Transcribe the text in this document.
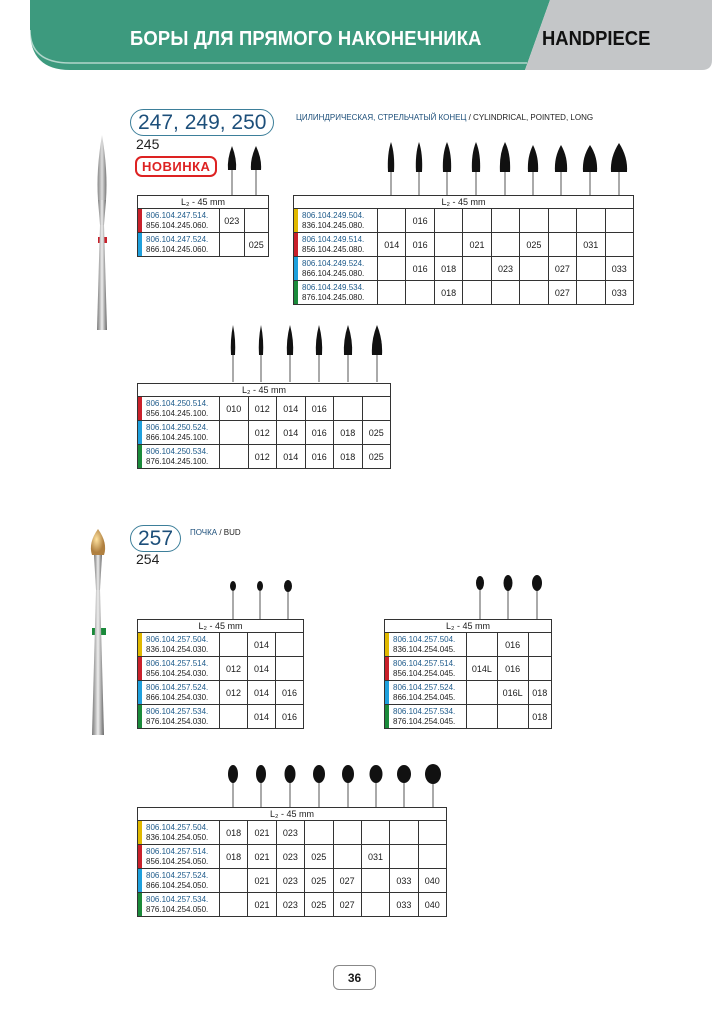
БОРЫ ДЛЯ ПРЯМОГО НАКОНЕЧНИКА	HANDPIECE
247, 249, 250
245
НОВИНКА
ЦИЛИНДРИЧЕСКАЯ, СТРЕЛЬЧАТЫЙ КОНЕЦ / CYLINDRICAL, POINTED, LONG
L₂ - 45 mm		

806.104.247.514.
856.104.245.060.	023	

806.104.247.524.
866.104.245.060.		025
L₂ - 45 mm									

806.104.249.504.
836.104.245.080.		016							

806.104.249.514.
856.104.245.080.	014	016		021		025		031	

806.104.249.524.
866.104.245.080.		016	018		023		027		033

806.104.249.534.
876.104.245.080.			018				027		033
L₂ - 45 mm						

806.104.250.514.
856.104.245.100.	010	012	014	016		

806.104.250.524.
866.104.245.100.		012	014	016	018	025

806.104.250.534.
876.104.245.100.		012	014	016	018	025
257
254
ПОЧКА / BUD
L₂ - 45 mm			

806.104.257.504.
836.104.254.030.		014	

806.104.257.514.
856.104.254.030.	012	014	

806.104.257.524.
866.104.254.030.	012	014	016

806.104.257.534.
876.104.254.030.		014	016
L₂ - 45 mm			

806.104.257.504.
836.104.254.045.		016	

806.104.257.514.
856.104.254.045.	014L	016	

806.104.257.524.
866.104.254.045.		016L	018

806.104.257.534.
876.104.254.045.			018
L₂ - 45 mm								

806.104.257.504.
836.104.254.050.	018	021	023					

806.104.257.514.
856.104.254.050.	018	021	023	025		031		

806.104.257.524.
866.104.254.050.		021	023	025	027		033	040

806.104.257.534.
876.104.254.050.		021	023	025	027		033	040
36
